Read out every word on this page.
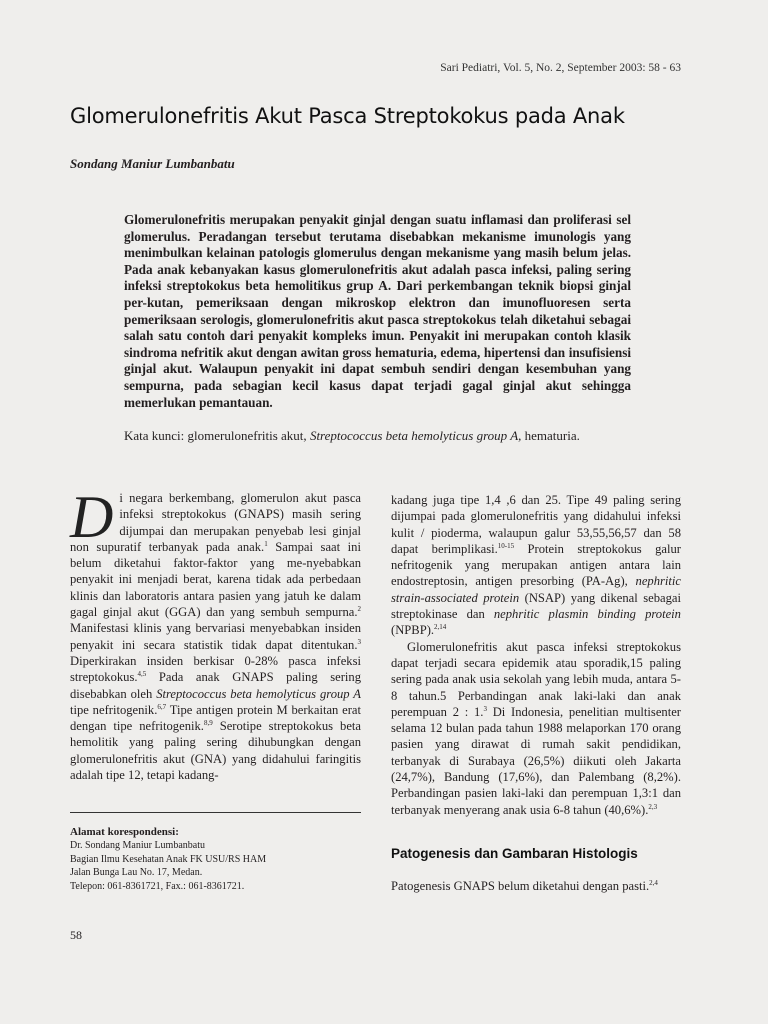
Sari Pediatri, Vol. 5, No. 2, September 2003: 58 - 63
Glomerulonefritis Akut Pasca Streptokokus pada Anak
Sondang Maniur Lumbanbatu

Glomerulonefritis merupakan penyakit ginjal dengan suatu inflamasi dan proliferasi sel glomerulus. Peradangan tersebut terutama disebabkan mekanisme imunologis yang menimbulkan kelainan patologis glomerulus dengan mekanisme yang masih belum jelas. Pada anak kebanyakan kasus glomerulonefritis akut adalah pasca infeksi, paling sering infeksi streptokokus beta hemolitikus grup A. Dari perkembangan teknik biopsi ginjal per-kutan, pemeriksaan dengan mikroskop elektron dan imunofluoresen serta pemeriksaan serologis, glomerulonefritis akut pasca streptokokus telah diketahui sebagai salah satu contoh dari penyakit kompleks imun. Penyakit ini merupakan contoh klasik sindroma nefritik akut dengan awitan gross hematuria, edema, hipertensi dan insufisiensi ginjal akut. Walaupun penyakit ini dapat sembuh sendiri dengan kesembuhan yang sempurna, pada sebagian kecil kasus dapat terjadi gagal ginjal akut sehingga memerlukan pemantauan.

Kata kunci: glomerulonefritis akut, Streptococcus beta hemolyticus group A, hematuria.

Di negara berkembang, glomerulon akut pasca infeksi streptokokus (GNAPS) masih sering dijumpai dan merupakan penyebab lesi ginjal non supuratif terbanyak pada anak.$^1$ Sampai saat ini belum diketahui faktor-faktor yang me-nyebabkan penyakit ini menjadi berat, karena tidak ada perbedaan klinis dan laboratoris antara pasien yang jatuh ke dalam gagal ginjal akut (GGA) dan yang sembuh sempurna.$^2$ Manifestasi klinis yang bervariasi menyebabkan insiden penyakit ini secara statistik tidak dapat ditentukan.$^3$ Diperkirakan insiden berkisar 0-28% pasca infeksi streptokokus.$^{4,5}$ Pada anak GNAPS paling sering disebabkan oleh Streptococcus beta hemolyticus group A tipe nefritogenik.$^{6,7}$ Tipe antigen protein M berkaitan erat dengan tipe nefritogenik.$^{8,9}$ Serotipe streptokokus beta hemolitik yang paling sering dihubungkan dengan glomerulonefritis akut (GNA) yang didahului faringitis adalah tipe 12, tetapi kadang-

Alamat korespondensi:
Dr. Sondang Maniur Lumbanbatu
Bagian Ilmu Kesehatan Anak FK USU/RS HAM
Jalan Bunga Lau No. 17, Medan.
Telepon: 061-8361721, Fax.: 061-8361721.

kadang juga tipe 1,4 ,6 dan 25. Tipe 49 paling sering dijumpai pada glomerulonefritis yang didahului infeksi kulit / pioderma, walaupun galur 53,55,56,57 dan 58 dapat berimplikasi.$^{10-15}$ Protein streptokokus galur nefritogenik yang merupakan antigen antara lain endostreptosin, antigen presorbing (PA-Ag), nephritic strain-associated protein (NSAP) yang dikenal sebagai streptokinase dan nephritic plasmin binding protein (NPBP).$^{2,14}$

Glomerulonefritis akut pasca infeksi streptokokus dapat terjadi secara epidemik atau sporadik,15 paling sering pada anak usia sekolah yang lebih muda, antara 5-8 tahun.5 Perbandingan anak laki-laki dan anak perempuan 2 : 1.$^3$ Di Indonesia, penelitian multisenter selama 12 bulan pada tahun 1988 melaporkan 170 orang pasien yang dirawat di rumah sakit pendidikan, terbanyak di Surabaya (26,5%) diikuti oleh Jakarta (24,7%), Bandung (17,6%), dan Palembang (8,2%). Perbandingan pasien laki-laki dan perempuan 1,3:1 dan terbanyak menyerang anak usia 6-8 tahun (40,6%).$^{2,3}$

Patogenesis dan Gambaran Histologis
Patogenesis GNAPS belum diketahui dengan pasti.$^{2,4}$
58
